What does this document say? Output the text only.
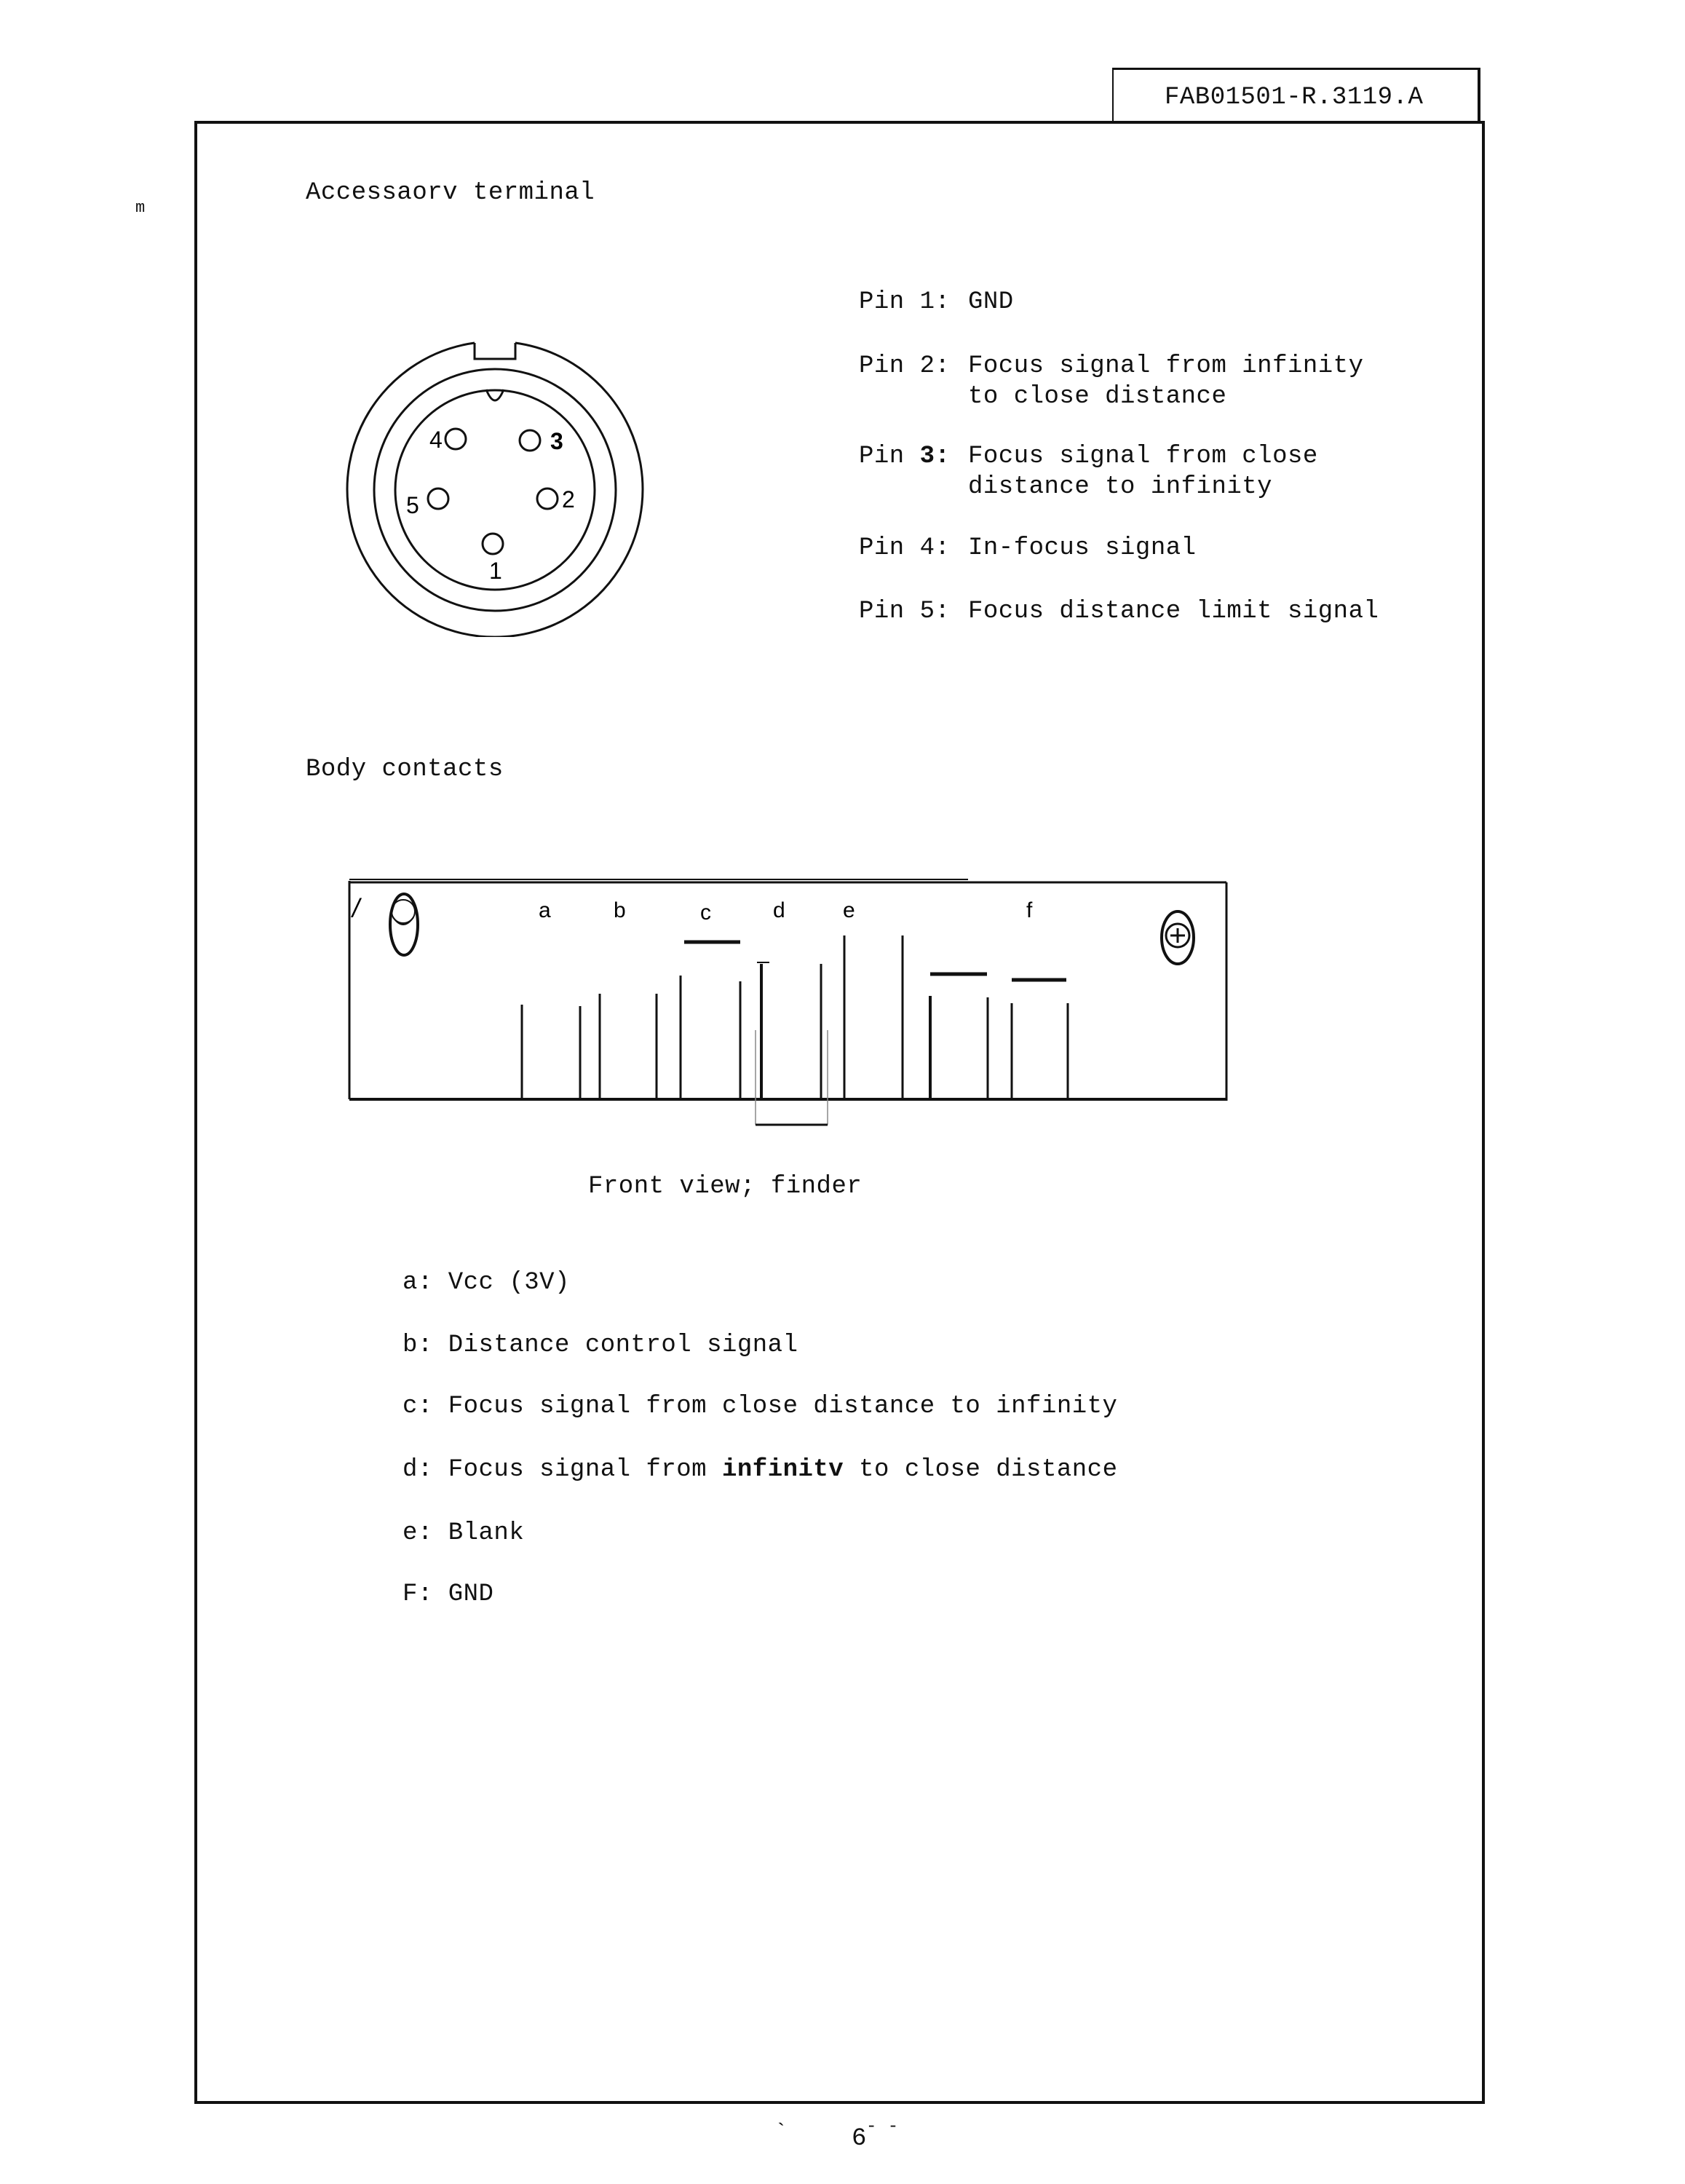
m
FAB01501-R.3119.A
Accessaorv terminal
4	3
5	2
1
Pin 1: GND
Pin 2: Focus signal from infinity
to close distance
Pin 3: Focus signal from close
distance to infinity
Pin 4: In-focus signal
Pin 5: Focus distance limit signal
Body contacts
/	a	b	c	d	e	f
Front view; finder
a: Vcc (3V)
b: Distance control signal
c: Focus signal from close distance to infinity
d: Focus signal from infinitv to close distance
e: Blank
F: GND
`	6 - -
